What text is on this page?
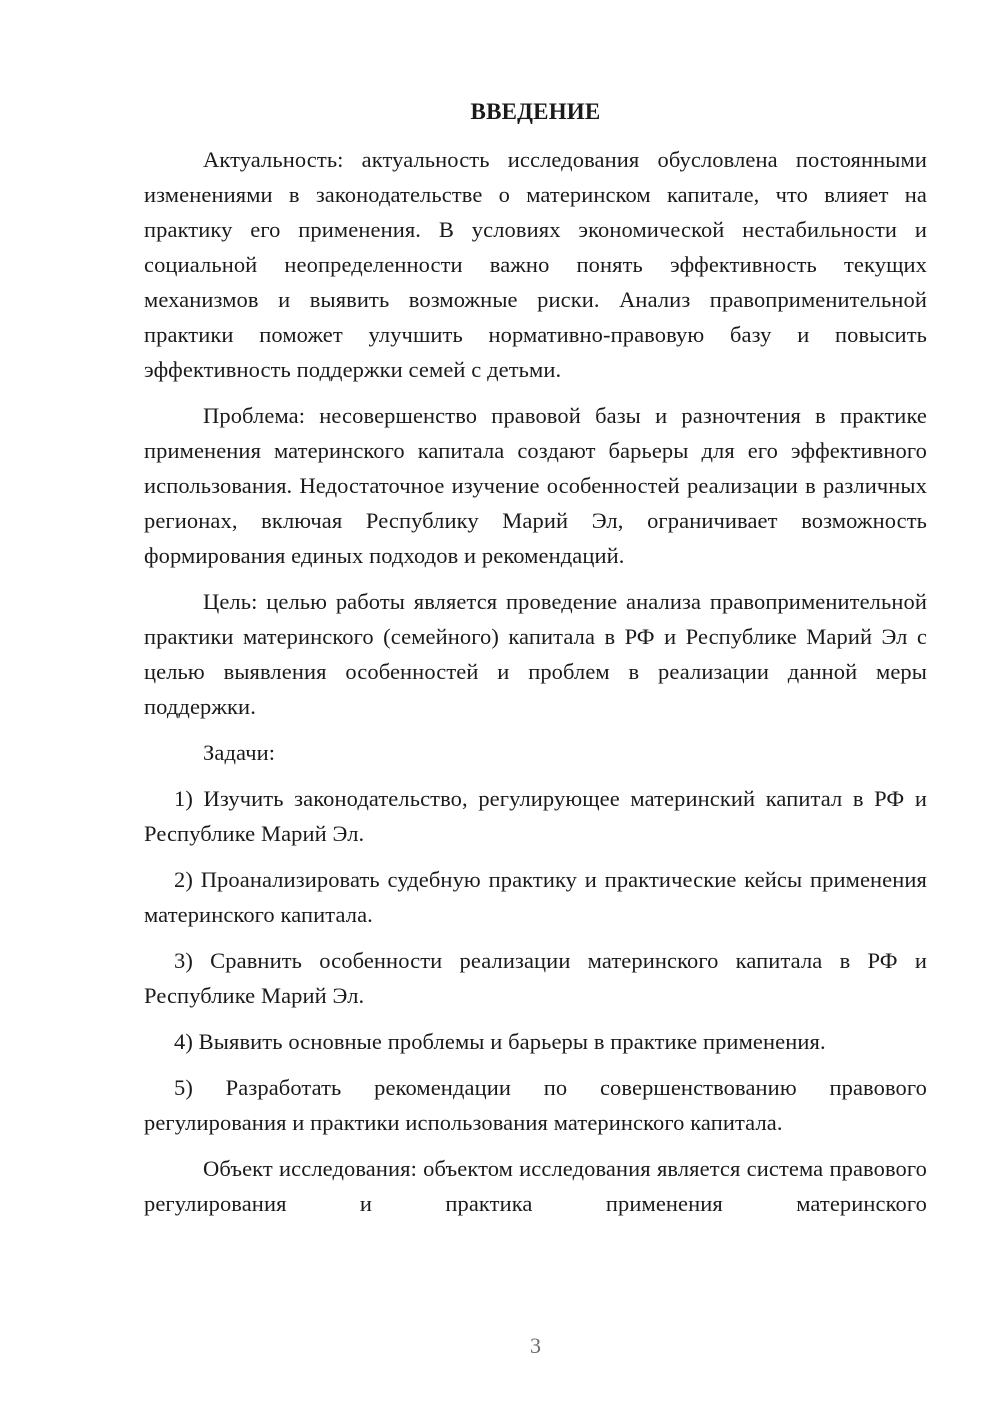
ВВЕДЕНИЕ

Актуальность: актуальность исследования обусловлена постоянными изменениями в законодательстве о материнском капитале, что влияет на практику его применения. В условиях экономической нестабильности и социальной неопределенности важно понять эффективность текущих механизмов и выявить возможные риски. Анализ правоприменительной практики поможет улучшить нормативно-правовую базу и повысить эффективность поддержки семей с детьми.

Проблема: несовершенство правовой базы и разночтения в практике применения материнского капитала создают барьеры для его эффективного использования. Недостаточное изучение особенностей реализации в различных регионах, включая Республику Марий Эл, ограничивает возможность формирования единых подходов и рекомендаций.

Цель: целью работы является проведение анализа правоприменительной практики материнского (семейного) капитала в РФ и Республике Марий Эл с целью выявления особенностей и проблем в реализации данной меры поддержки.

Задачи:

1) Изучить законодательство, регулирующее материнский капитал в РФ и Республике Марий Эл.

2) Проанализировать судебную практику и практические кейсы применения материнского капитала.

3) Сравнить особенности реализации материнского капитала в РФ и Республике Марий Эл.

4) Выявить основные проблемы и барьеры в практике применения.

5) Разработать рекомендации по совершенствованию правового регулирования и практики использования материнского капитала.

Объект исследования: объектом исследования является система правового регулирования и практика применения материнского

3
